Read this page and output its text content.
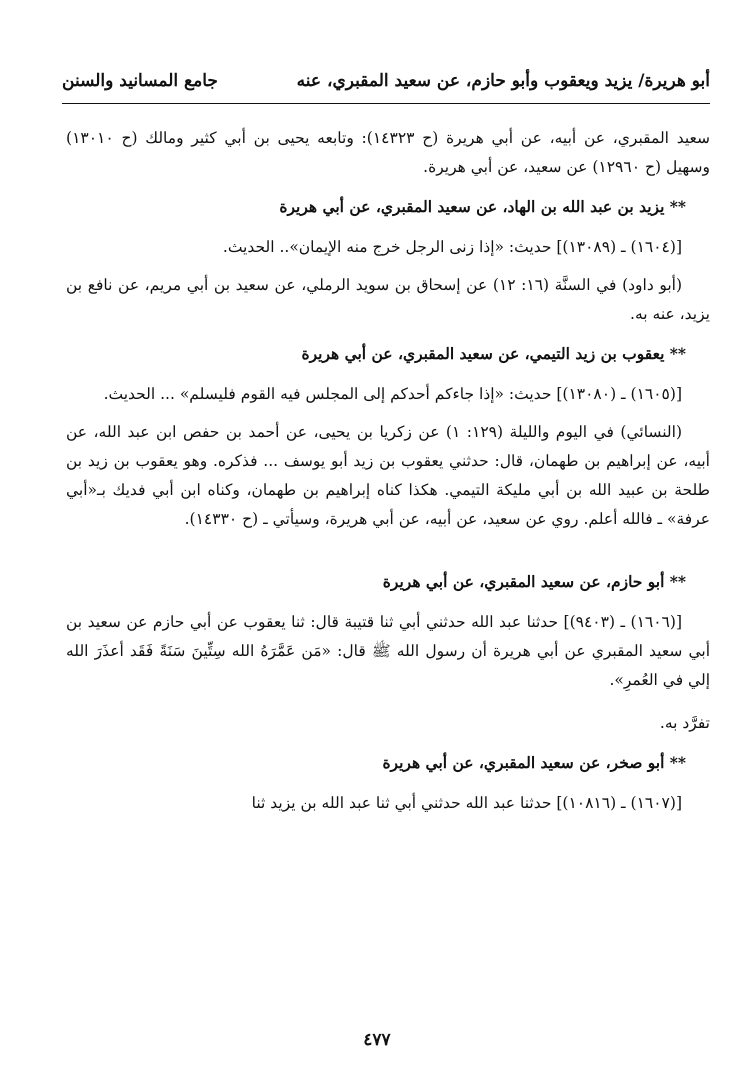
أبو هريرة/ يزيد ويعقوب وأبو حازم، عن سعيد المقبري، عنه
جامع المسانيد والسنن

سعيد المقبري، عن أبيه، عن أبي هريرة (ح ١٤٣٢٣): وتابعه يحيى بن أبي كثير ومالك (ح ١٣٠١٠) وسهيل (ح ١٢٩٦٠) عن سعيد، عن أبي هريرة.

** يزيد بن عبد الله بن الهاد، عن سعيد المقبري، عن أبي هريرة

[(١٦٠٤) ـ (١٣٠٨٩)] حديث: «إذا زنى الرجل خرج منه الإيمان».. الحديث.

(أبو داود) في السنَّة (١٦: ١٢) عن إسحاق بن سويد الرملي، عن سعيد بن أبي مريم، عن نافع بن يزيد، عنه به.

** يعقوب بن زيد التيمي، عن سعيد المقبري، عن أبي هريرة

[(١٦٠٥) ـ (١٣٠٨٠)] حديث: «إذا جاءكم أحدكم إلى المجلس فيه القوم فليسلم» ... الحديث.

(النسائي) في اليوم والليلة (١٢٩: ١) عن زكريا بن يحيى، عن أحمد بن حفص ابن عبد الله، عن أبيه، عن إبراهيم بن طهمان، قال: حدثني يعقوب بن زيد أبو يوسف ... فذكره. وهو يعقوب بن زيد بن طلحة بن عبيد الله بن أبي مليكة التيمي. هكذا كناه إبراهيم بن طهمان، وكناه ابن أبي فديك بـ«أبي عرفة» ـ فالله أعلم. روي عن سعيد، عن أبيه، عن أبي هريرة، وسيأتي ـ (ح ١٤٣٣٠).

** أبو حازم، عن سعيد المقبري، عن أبي هريرة

[(١٦٠٦) ـ (٩٤٠٣)] حدثنا عبد الله حدثني أبي ثنا قتيبة قال: ثنا يعقوب عن أبي حازم عن سعيد بن أبي سعيد المقبري عن أبي هريرة أن رسول الله ﷺ قال: «مَن عَمَّرَهُ الله سِتِّينَ سَنَةً فَقَد أعذَرَ الله إلي في العُمرِ».

تفرَّد به.

** أبو صخر، عن سعيد المقبري، عن أبي هريرة

[(١٦٠٧) ـ (١٠٨١٦)] حدثنا عبد الله حدثني أبي ثنا عبد الله بن يزيد ثنا

٤٧٧
